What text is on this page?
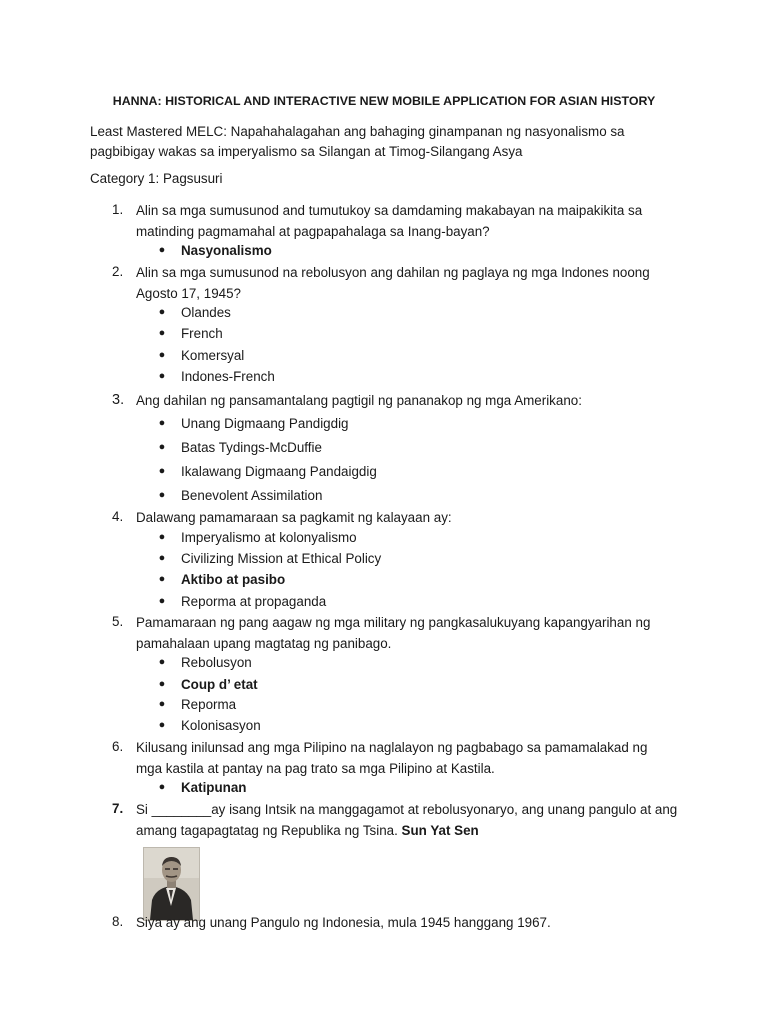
HANNA: HISTORICAL AND INTERACTIVE NEW MOBILE APPLICATION FOR ASIAN HISTORY
Least Mastered MELC: Napahahalagahan ang bahaging ginampanan ng nasyonalismo sa pagbibigay wakas sa imperyalismo sa Silangan at Timog-Silangang Asya
Category 1: Pagsusuri
1. Alin sa mga sumusunod and tumutukoy sa damdaming makabayan na maipakikita sa
matinding pagmamahal at pagpapahalaga sa Inang-bayan?
● Nasyonalismo
2. Alin sa mga sumusunod na rebolusyon ang dahilan ng paglaya ng mga Indones noong
Agosto 17, 1945?
● Olandes
● French
● Komersyal
● Indones-French
3. Ang dahilan ng pansamantalang pagtigil ng pananakop ng mga Amerikano:
● Unang Digmaang Pandigdig
● Batas Tydings-McDuffie
● Ikalawang Digmaang Pandaigdig
● Benevolent Assimilation
4. Dalawang pamamaraan sa pagkamit ng kalayaan ay:
● Imperyalismo at kolonyalismo
● Civilizing Mission at Ethical Policy
● Aktibo at pasibo
● Reporma at propaganda
5. Pamamaraan ng pang aagaw ng mga military ng pangkasalukuyang kapangyarihan ng
pamahalaan upang magtatag ng panibago.
● Rebolusyon
● Coup d’ etat
● Reporma
● Kolonisasyon
6. Kilusang inilunsad ang mga Pilipino na naglalayon ng pagbabago sa pamamalakad ng
mga kastila at pantay na pag trato sa mga Pilipino at Kastila.
● Katipunan
7. Si ________ay isang Intsik na manggagamot at rebolusyonaryo, ang unang pangulo at ang
amang tagapagtatag ng Republika ng Tsina. Sun Yat Sen
8. Siya ay ang unang Pangulo ng Indonesia, mula 1945 hanggang 1967.
